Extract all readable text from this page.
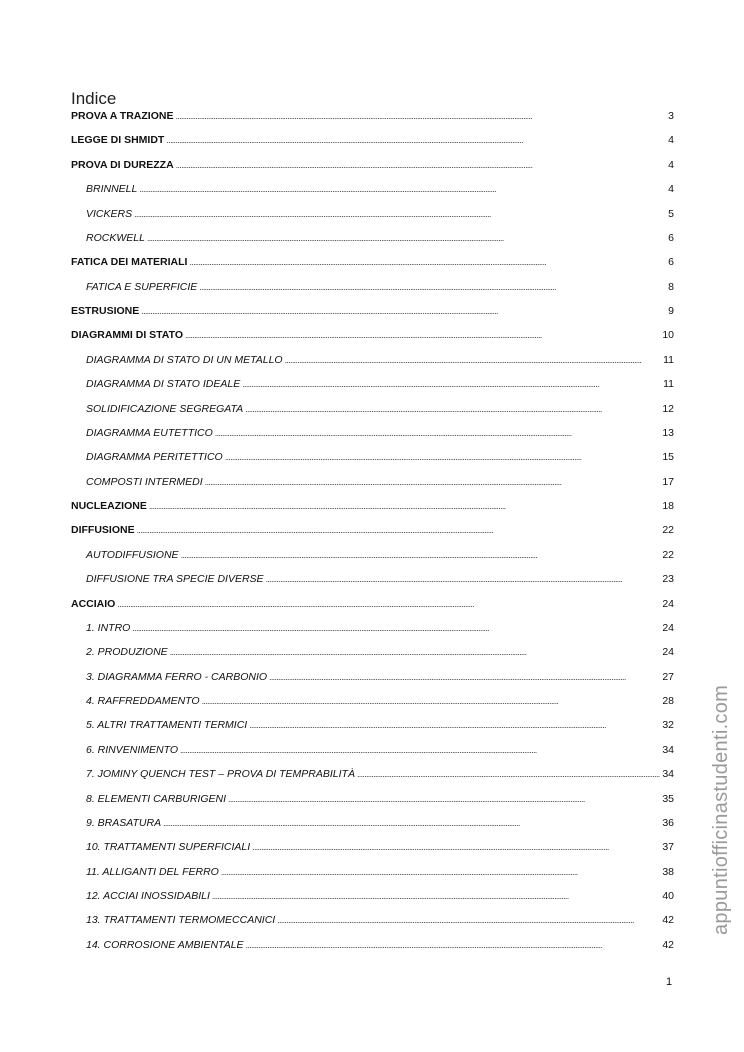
Indice
PROVA A TRAZIONE . . .	3
LEGGE DI SHMIDT . . .	4
PROVA DI DUREZZA . . .	4
BRINNELL . . .	4
VICKERS . . .	5
ROCKWELL . . .	6
FATICA DEI MATERIALI . . .	6
FATICA E SUPERFICIE . . .	8
ESTRUSIONE . . .	9
DIAGRAMMI DI STATO . . .	10
DIAGRAMMA DI STATO DI UN METALLO . . .	11
DIAGRAMMA DI STATO IDEALE . . .	11
SOLIDIFICAZIONE SEGREGATA . . .	12
DIAGRAMMA EUTETTICO . . .	13
DIAGRAMMA PERITETTICO . . .	15
COMPOSTI INTERMEDI . . .	17
NUCLEAZIONE . . .	18
DIFFUSIONE . . .	22
AUTODIFFUSIONE . . .	22
DIFFUSIONE TRA SPECIE DIVERSE . . .	23
ACCIAIO . . .	24
1. INTRO . . .	24
2. PRODUZIONE . . .	24
3. DIAGRAMMA FERRO - CARBONIO . . .	27
4. RAFFREDDAMENTO . . .	28
5. ALTRI TRATTAMENTI TERMICI . . .	32
6. RINVENIMENTO . . .	34
7. JOMINY QUENCH TEST – PROVA DI TEMPRABILITÀ . . .	34
8. ELEMENTI CARBURIGENI . . .	35
9. BRASATURA . . .	36
10. TRATTAMENTI SUPERFICIALI . . .	37
11. ALLIGANTI DEL FERRO . . .	38
12. ACCIAI INOSSIDABILI . . .	40
13. TRATTAMENTI TERMOMECCANICI . . .	42
14. CORROSIONE AMBIENTALE . . .	42
1
appuntiofficinastudenti.com
